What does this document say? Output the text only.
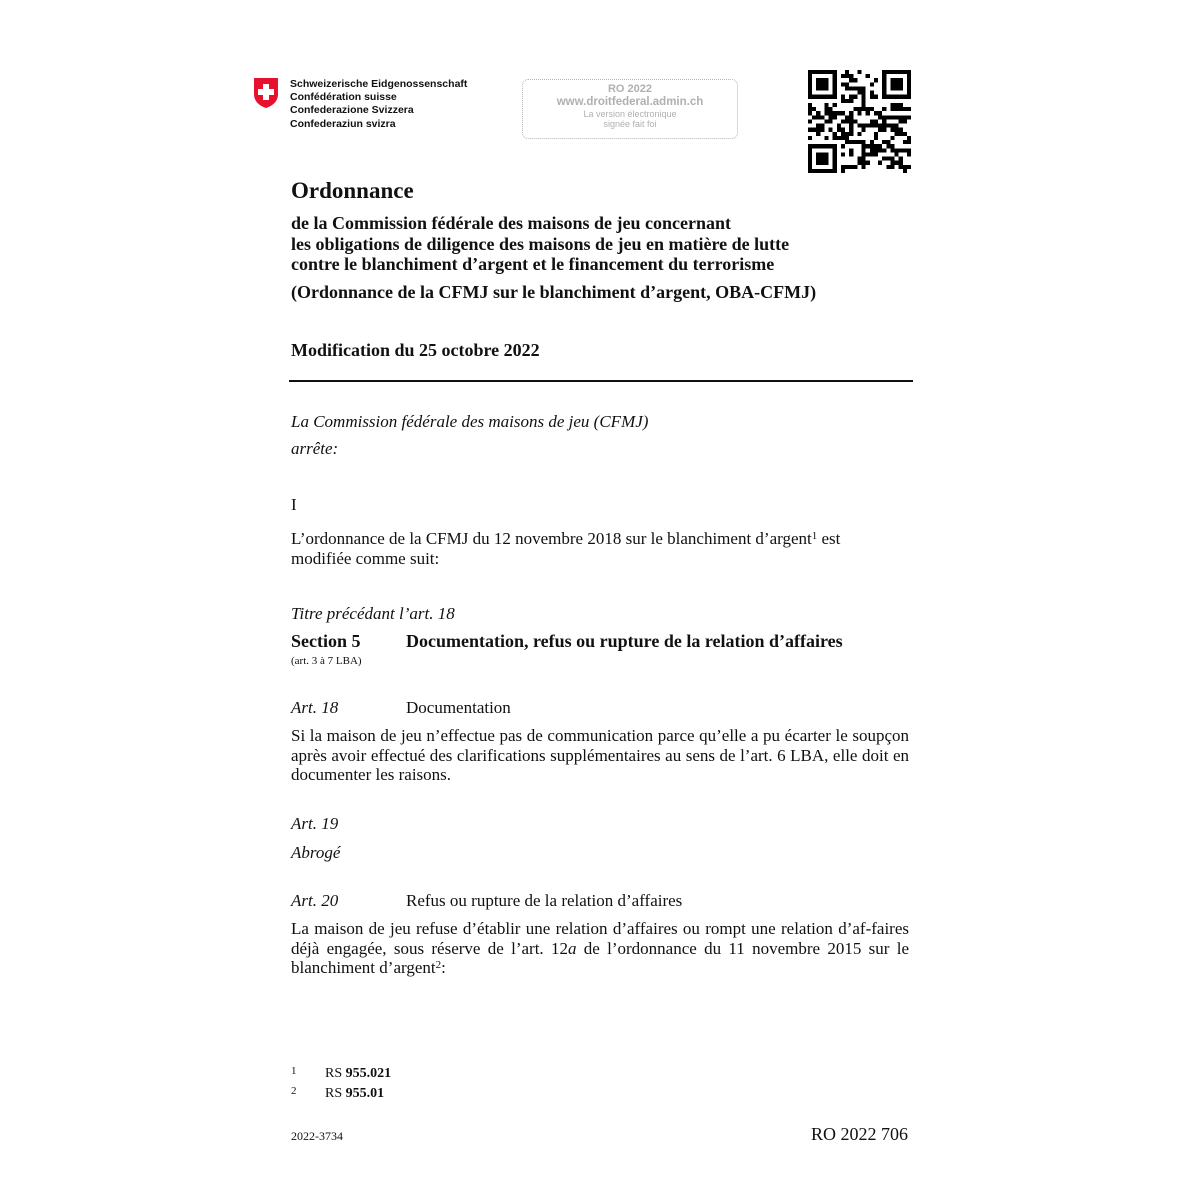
Schweizerische Eidgenossenschaft
Confédération suisse
Confederazione Svizzera
Confederaziun svizra
RO 2022
www.droitfederal.admin.ch
La version électronique
signée fait foi
Ordonnance
de la Commission fédérale des maisons de jeu concernant
les obligations de diligence des maisons de jeu en matière de lutte
contre le blanchiment d’argent et le financement du terrorisme
(Ordonnance de la CFMJ sur le blanchiment d’argent, OBA-CFMJ)
Modification du 25 octobre 2022
La Commission fédérale des maisons de jeu (CFMJ)
arrête:
I
L’ordonnance de la CFMJ du 12 novembre 2018 sur le blanchiment d’argent$^1$ est
modifiée comme suit:
Titre précédant l’art. 18
Section 5	Documentation, refus ou rupture de la relation d’affaires
(art. 3 à 7 LBA)
Art. 18	Documentation
Si la maison de jeu n’effectue pas de communication parce qu’elle a pu écarter le soupçon après avoir effectué des clarifications supplémentaires au sens de l’art. 6 LBA, elle doit en documenter les raisons.
Art. 19
Abrogé
Art. 20	Refus ou rupture de la relation d’affaires
La maison de jeu refuse d’établir une relation d’affaires ou rompt une relation d’af-faires déjà engagée, sous réserve de l’art. 12a de l’ordonnance du 11 novembre 2015 sur le blanchiment d’argent$^2$:
1 RS 955.021
2 RS 955.01
2022-3734	RO 2022 706
